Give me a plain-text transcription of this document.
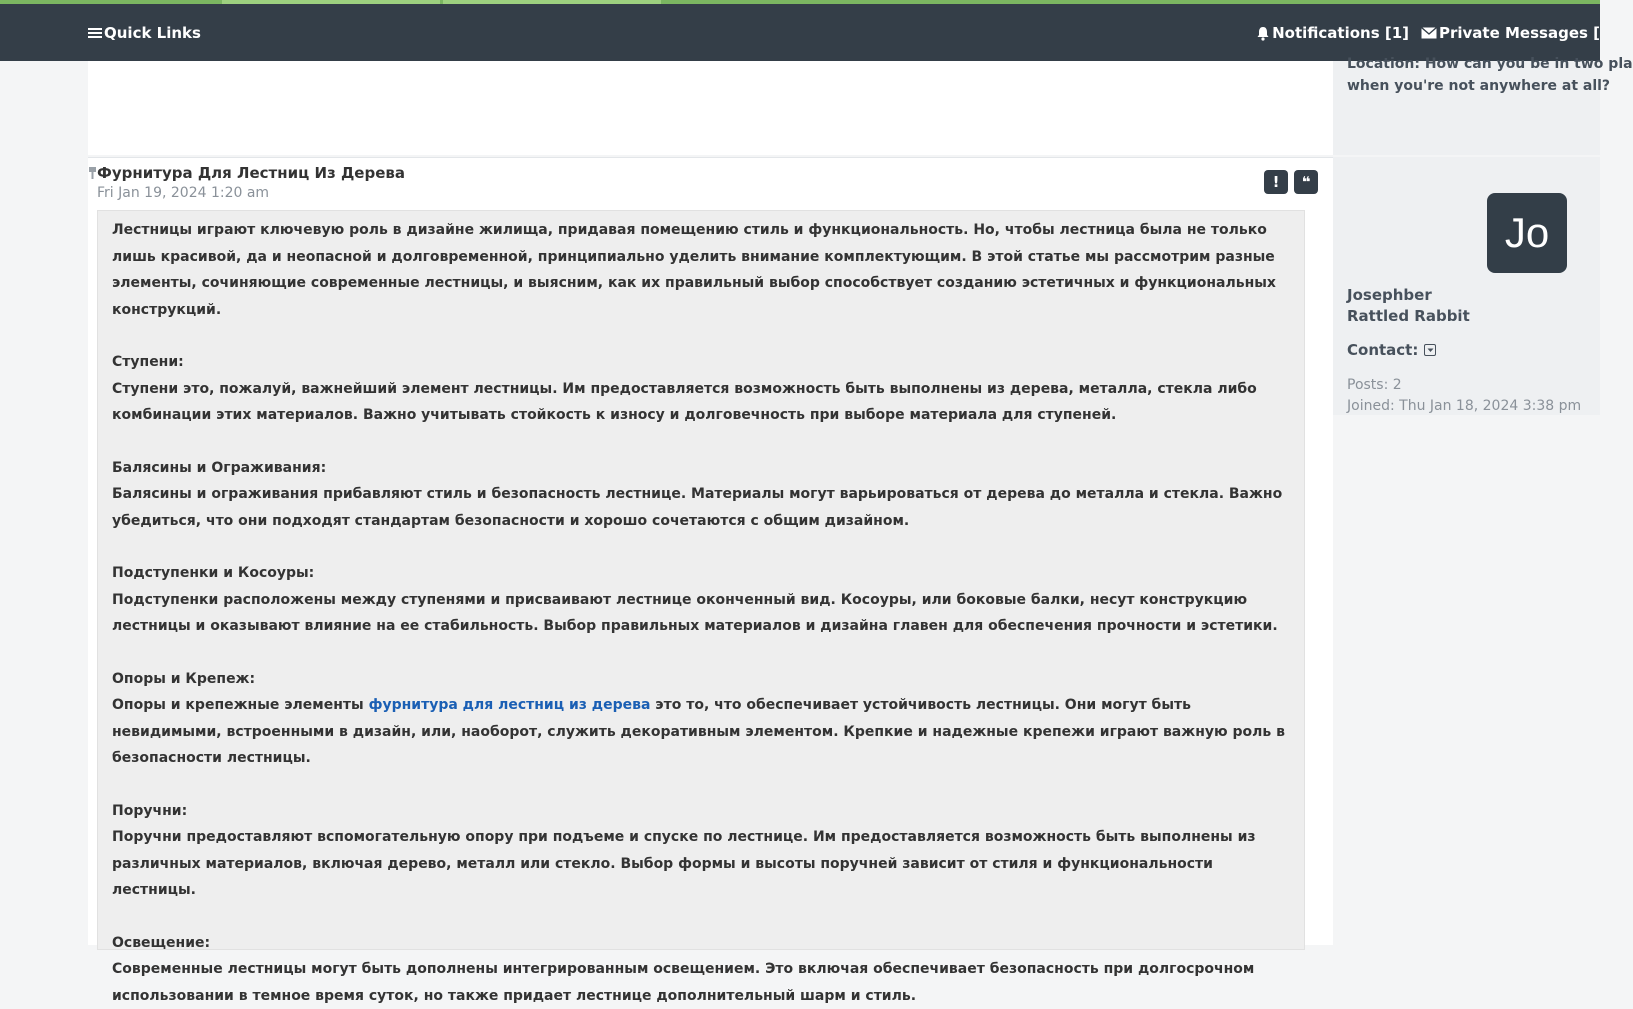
Quick Links	Notifications [1] Private Messages [
Location: How can you be in two pla
when you're not anywhere at all?
Фурнитура Для Лестниц Из Дерева
Fri Jan 19, 2024 1:20 am
! ❝

Лестницы играют ключевую роль в дизайне жилища, придавая помещению стиль и функциональность. Но, чтобы лестница была не только лишь красивой, да и неопасной и долговременной, принципиально уделить внимание комплектующим. В этой статье мы рассмотрим разные элементы, сочиняющие современные лестницы, и выясним, как их правильный выбор способствует созданию эстетичных и функциональных конструкций.

Ступени:
Ступени это, пожалуй, важнейший элемент лестницы. Им предоставляется возможность быть выполнены из дерева, металла, стекла либо комбинации этих материалов. Важно учитывать стойкость к износу и долговечность при выборе материала для ступеней.

Балясины и Ограживания:
Балясины и ограживания прибавляют стиль и безопасность лестнице. Материалы могут варьироваться от дерева до металла и стекла. Важно убедиться, что они подходят стандартам безопасности и хорошо сочетаются с общим дизайном.

Подступенки и Косоуры:
Подступенки расположены между ступенями и присваивают лестнице оконченный вид. Косоуры, или боковые балки, несут конструкцию лестницы и оказывают влияние на ее стабильность. Выбор правильных материалов и дизайна главен для обеспечения прочности и эстетики.

Опоры и Крепеж:
Опоры и крепежные элементы фурнитура для лестниц из дерева это то, что обеспечивает устойчивость лестницы. Они могут быть невидимыми, встроенными в дизайн, или, наоборот, служить декоративным элементом. Крепкие и надежные крепежи играют важную роль в безопасности лестницы.

Поручни:
Поручни предоставляют вспомогательную опору при подъеме и спуске по лестнице. Им предоставляется возможность быть выполнены из различных материалов, включая дерево, металл или стекло. Выбор формы и высоты поручней зависит от стиля и функциональности лестницы.

Освещение:
Современные лестницы могут быть дополнены интегрированным освещением. Это включая обеспечивает безопасность при долгосрочном использовании в темное время суток, но также придает лестнице дополнительный шарм и стиль.

Jo
Josephber
Rattled Rabbit
Contact:
Posts: 2
Joined: Thu Jan 18, 2024 3:38 pm
